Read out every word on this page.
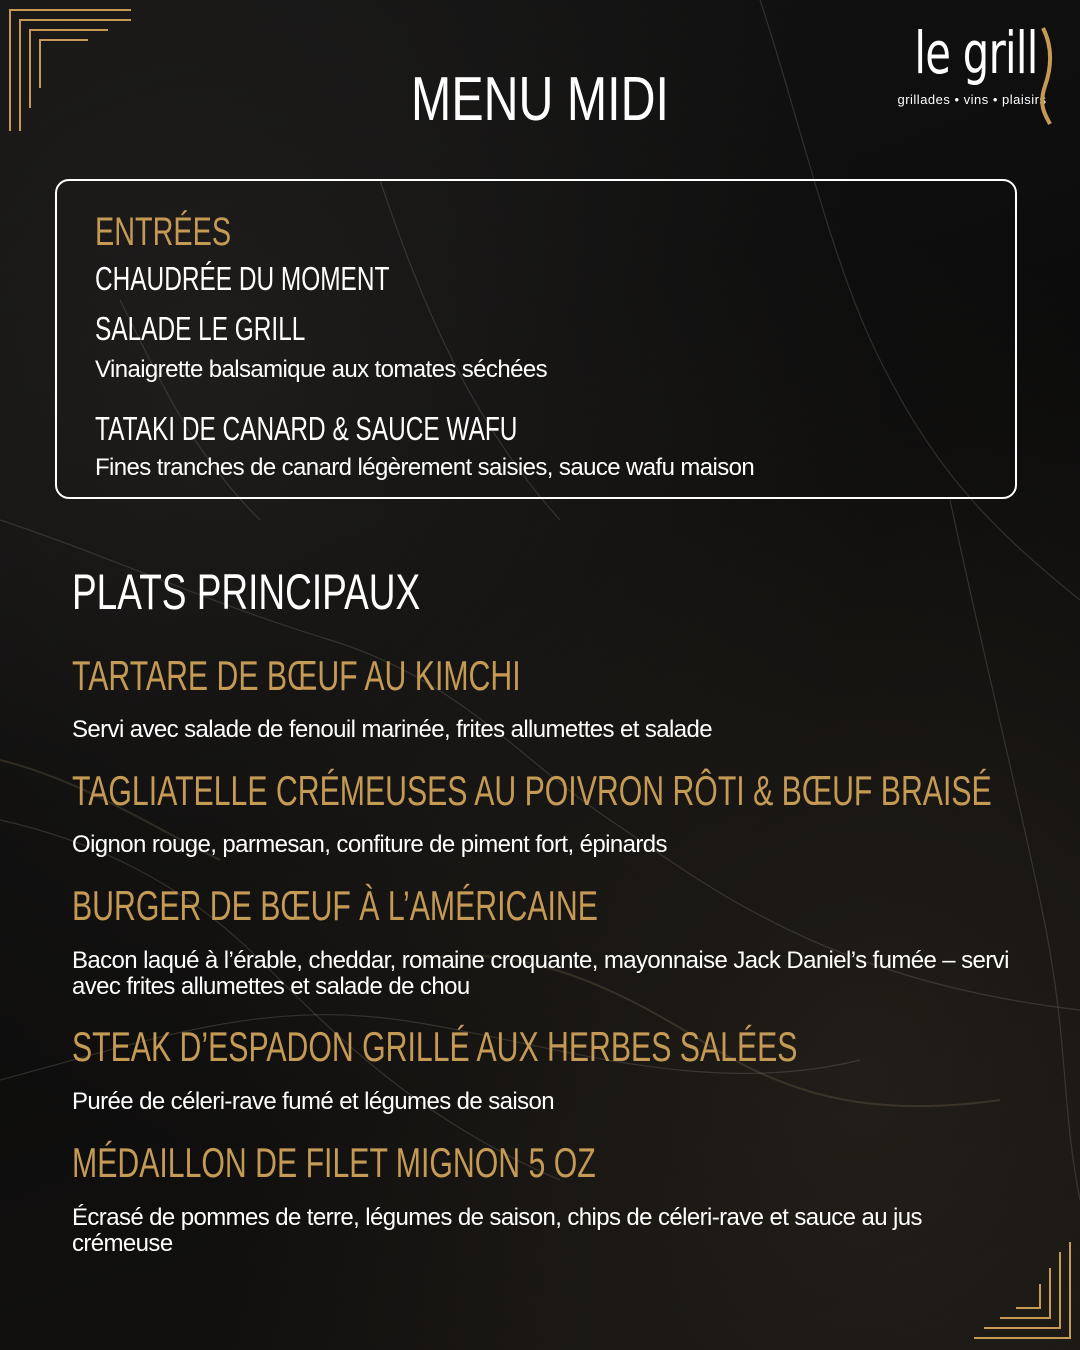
le grill
grillades • vins • plaisirs
MENU MIDI
ENTRÉES
CHAUDRÉE DU MOMENT
SALADE LE GRILL
Vinaigrette balsamique aux tomates séchées
TATAKI DE CANARD & SAUCE WAFU
Fines tranches de canard légèrement saisies, sauce wafu maison
PLATS PRINCIPAUX
TARTARE DE BŒUF AU KIMCHI
Servi avec salade de fenouil marinée, frites allumettes et salade
TAGLIATELLE CRÉMEUSES AU POIVRON RÔTI & BŒUF BRAISÉ
Oignon rouge, parmesan, confiture de piment fort, épinards
BURGER DE BŒUF À L’AMÉRICAINE
Bacon laqué à l’érable, cheddar, romaine croquante, mayonnaise Jack Daniel’s fumée – servi avec frites allumettes et salade de chou
STEAK D’ESPADON GRILLÉ AUX HERBES SALÉES
Purée de céleri-rave fumé et légumes de saison
MÉDAILLON DE FILET MIGNON 5 OZ
Écrasé de pommes de terre, légumes de saison, chips de céleri-rave et sauce au jus crémeuse
